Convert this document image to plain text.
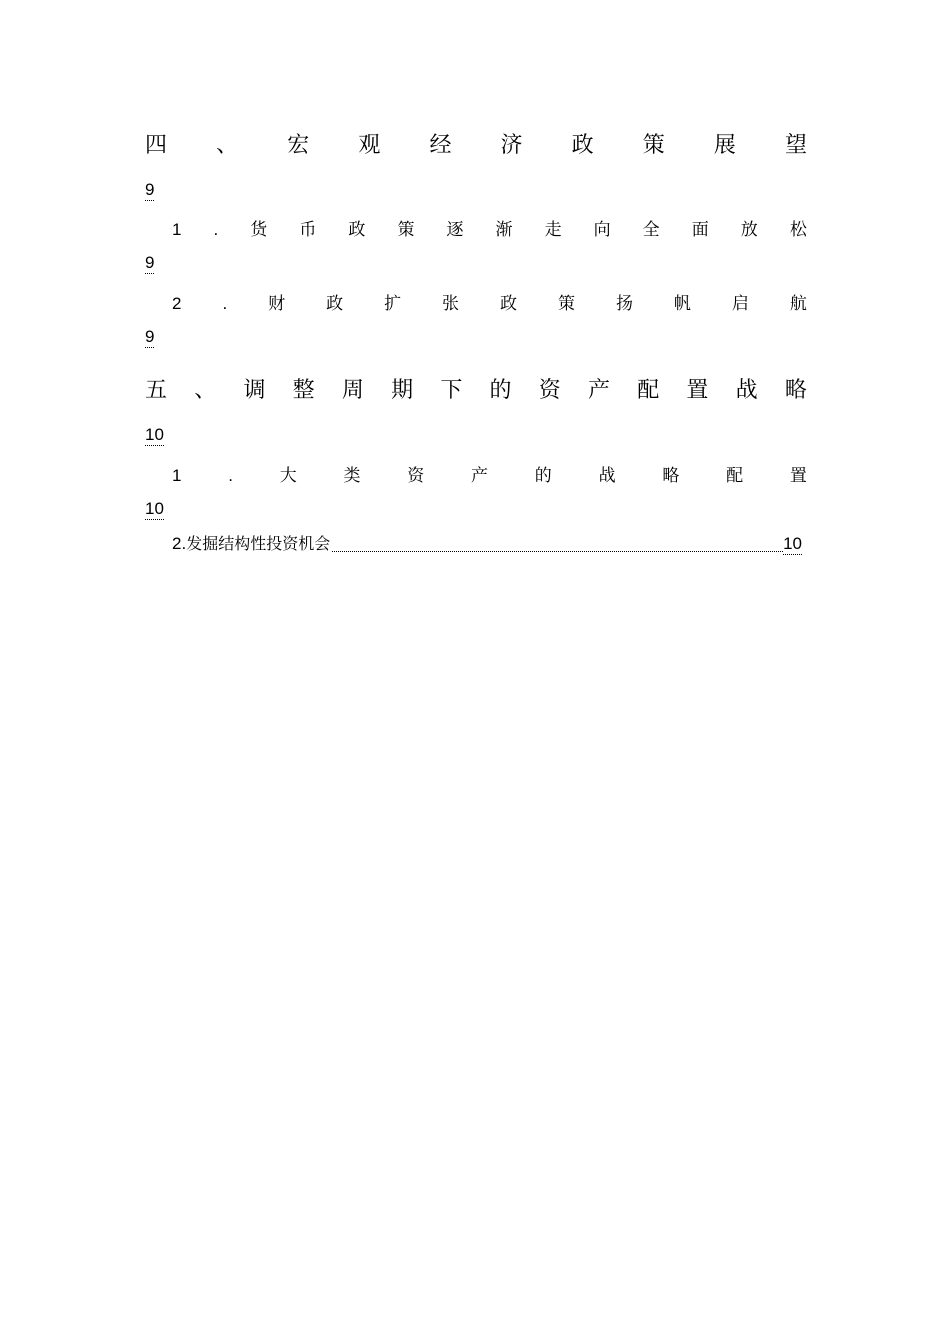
四 、 宏 观 经 济 政 策 展 望
9
1 . 货 币 政 策 逐 渐 走 向 全 面 放 松
9
2 . 财 政 扩 张 政 策 扬 帆 启 航
9
五 、 调 整 周 期 下 的 资 产 配 置 战 略
10
1	.	大	类	资	产	的	战	略	配	置
10
2. 发掘结构性投资机会	10
